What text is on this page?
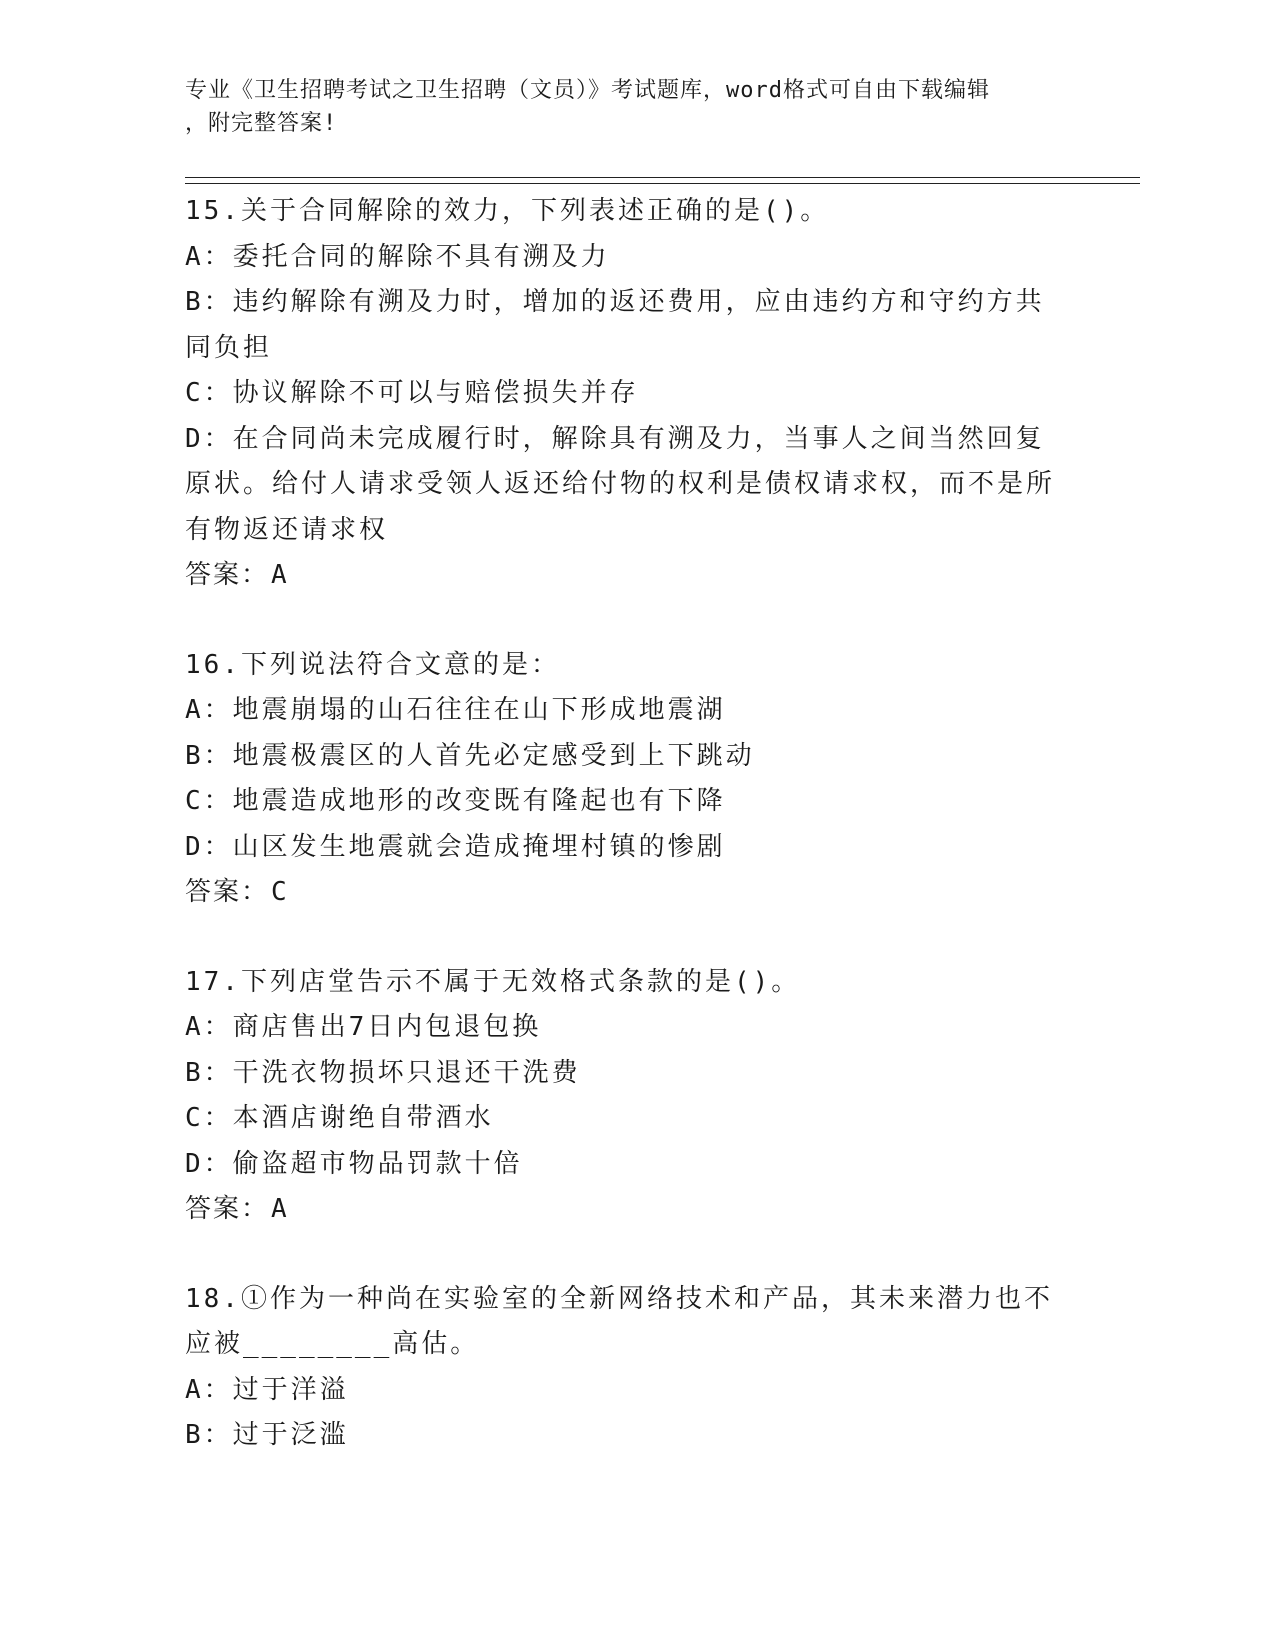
专业《卫生招聘考试之卫生招聘（文员）》考试题库，word格式可自由下载编辑
，附完整答案!

15.关于合同解除的效力，下列表述正确的是()。

A：委托合同的解除不具有溯及力

B：违约解除有溯及力时，增加的返还费用，应由违约方和守约方共同负担

C：协议解除不可以与赔偿损失并存

D：在合同尚未完成履行时，解除具有溯及力，当事人之间当然回复原状。给付人请求受领人返还给付物的权利是债权请求权，而不是所有物返还请求权

答案：A

16.下列说法符合文意的是：

A：地震崩塌的山石往往在山下形成地震湖

B：地震极震区的人首先必定感受到上下跳动

C：地震造成地形的改变既有隆起也有下降

D：山区发生地震就会造成掩埋村镇的惨剧

答案：C

17.下列店堂告示不属于无效格式条款的是()。

A：商店售出7日内包退包换

B：干洗衣物损坏只退还干洗费

C：本酒店谢绝自带酒水

D：偷盗超市物品罚款十倍

答案：A

18.①作为一种尚在实验室的全新网络技术和产品，其未来潜力也不应被________高估。

A：过于洋溢

B：过于泛滥
